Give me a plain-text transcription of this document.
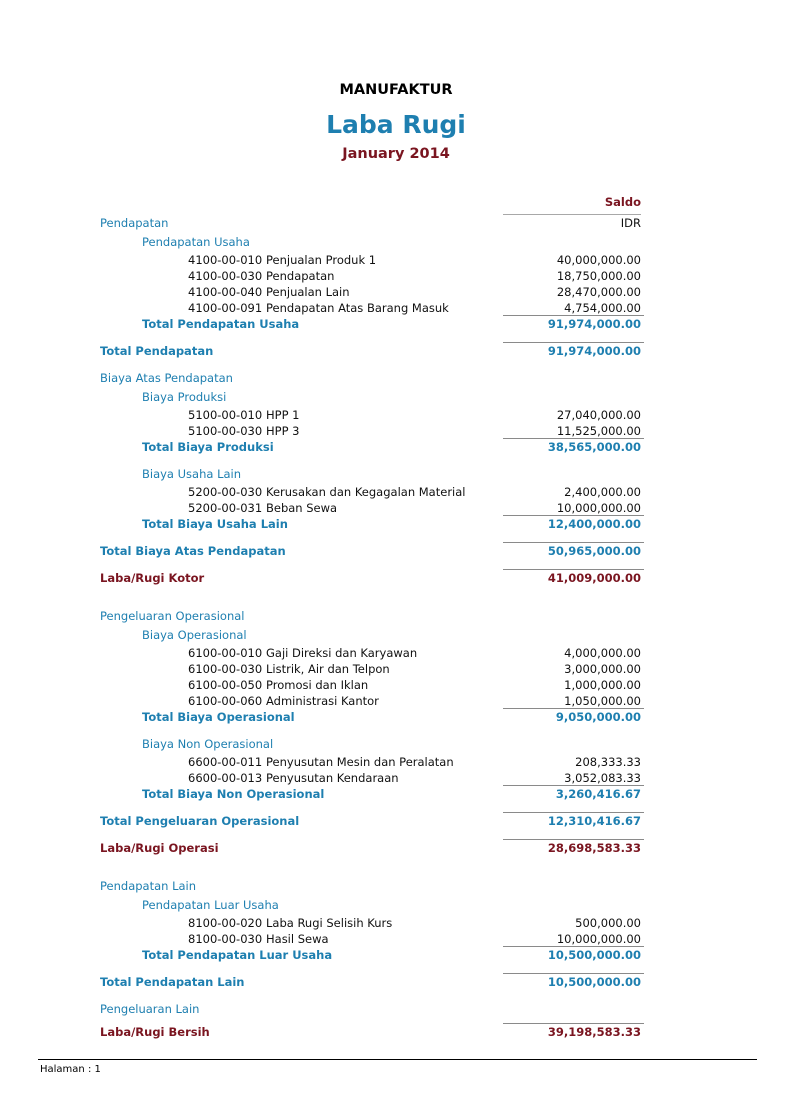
MANUFAKTUR
Laba Rugi
January 2014
Saldo
IDR
Pendapatan
Pendapatan Usaha
4100-00-010 Penjualan Produk 1	40,000,000.00
4100-00-030 Pendapatan	18,750,000.00
4100-00-040 Penjualan Lain	28,470,000.00
4100-00-091 Pendapatan Atas Barang Masuk	4,754,000.00
Total Pendapatan Usaha	91,974,000.00
Total Pendapatan	91,974,000.00
Biaya Atas Pendapatan
Biaya Produksi
5100-00-010 HPP 1	27,040,000.00
5100-00-030 HPP 3	11,525,000.00
Total Biaya Produksi	38,565,000.00
Biaya Usaha Lain
5200-00-030 Kerusakan dan Kegagalan Material	2,400,000.00
5200-00-031 Beban Sewa	10,000,000.00
Total Biaya Usaha Lain	12,400,000.00
Total Biaya Atas Pendapatan	50,965,000.00
Laba/Rugi Kotor	41,009,000.00
Pengeluaran Operasional
Biaya Operasional
6100-00-010 Gaji Direksi dan Karyawan	4,000,000.00
6100-00-030 Listrik, Air dan Telpon	3,000,000.00
6100-00-050 Promosi dan Iklan	1,000,000.00
6100-00-060 Administrasi Kantor	1,050,000.00
Total Biaya Operasional	9,050,000.00
Biaya Non Operasional
6600-00-011 Penyusutan Mesin dan Peralatan	208,333.33
6600-00-013 Penyusutan Kendaraan	3,052,083.33
Total Biaya Non Operasional	3,260,416.67
Total Pengeluaran Operasional	12,310,416.67
Laba/Rugi Operasi	28,698,583.33
Pendapatan Lain
Pendapatan Luar Usaha
8100-00-020 Laba Rugi Selisih Kurs	500,000.00
8100-00-030 Hasil Sewa	10,000,000.00
Total Pendapatan Luar Usaha	10,500,000.00
Total Pendapatan Lain	10,500,000.00
Pengeluaran Lain
Laba/Rugi Bersih	39,198,583.33
Halaman : 1
